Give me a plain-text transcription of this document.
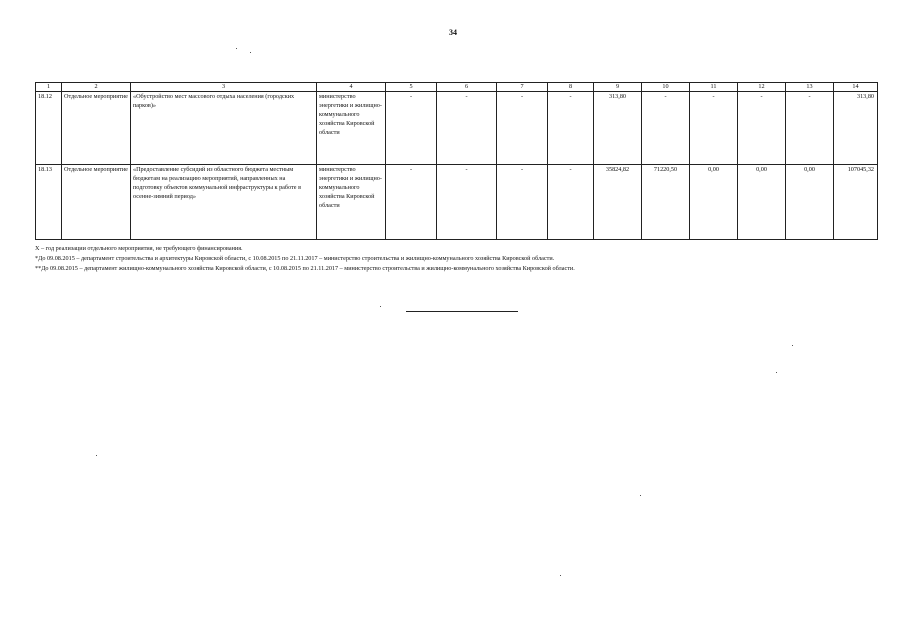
34
1	2	3	4	5	6	7	8	9	10	11	12	13	14
18.12	Отдельное мероприятие	«Обустройство мест массового отдыха населения (городских парков)»	министерство энергетики и жилищно-коммунального хозяйства Кировской области	-	-	-	-	313,80	-	-	-	-	313,80
18.13	Отдельное мероприятие	«Предоставление субсидий из областного бюджета местным бюджетам на реализацию мероприятий, направленных на подготовку объектов коммунальной инфраструктуры к работе в осенне-зимний период»	министерство энергетики и жилищно-коммунального хозяйства Кировской области	-	-	-	-	35824,82	71220,50	0,00	0,00	0,00	107045,32
Х – год реализации отдельного мероприятия, не требующего финансирования.
*До 09.08.2015 – департамент строительства и архитектуры Кировской области, с 10.08.2015 по 21.11.2017 – министерство строительства и жилищно-коммунального хозяйства Кировской области.
**До 09.08.2015 – департамент жилищно-коммунального хозяйства Кировской области, с 10.08.2015 по 21.11.2017 – министерство строительства и жилищно-коммунального хозяйства Кировской области.
